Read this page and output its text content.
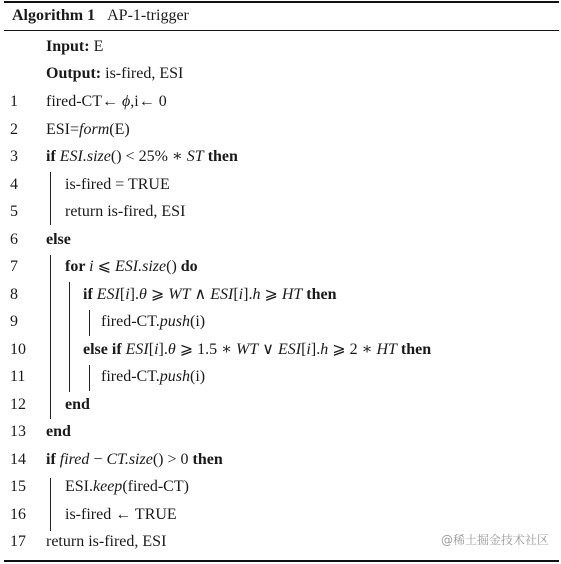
Algorithm 1 AP-1-trigger
Input: E
Output: is-fired, ESI
1	fired-CT← ϕ,i← 0
2	ESI=form(E)
3	if ESI.size() < 25% ∗ ST then
4	is-fired = TRUE
5	return is-fired, ESI
6	else
7	for i ⩽ ESI.size() do
8	if ESI[i].θ ⩾ WT ∧ ESI[i].h ⩾ HT then
9	fired-CT.push(i)
10	else if ESI[i].θ ⩾ 1.5 ∗ WT ∨ ESI[i].h ⩾ 2 ∗ HT then
11	fired-CT.push(i)
12 end
13 end
14 if fired − CT.size() > 0 then
15 ESI.keep(fired-CT)
16 is-fired ← TRUE
17 return is-fired, ESI	@稀土掘金技术社区
